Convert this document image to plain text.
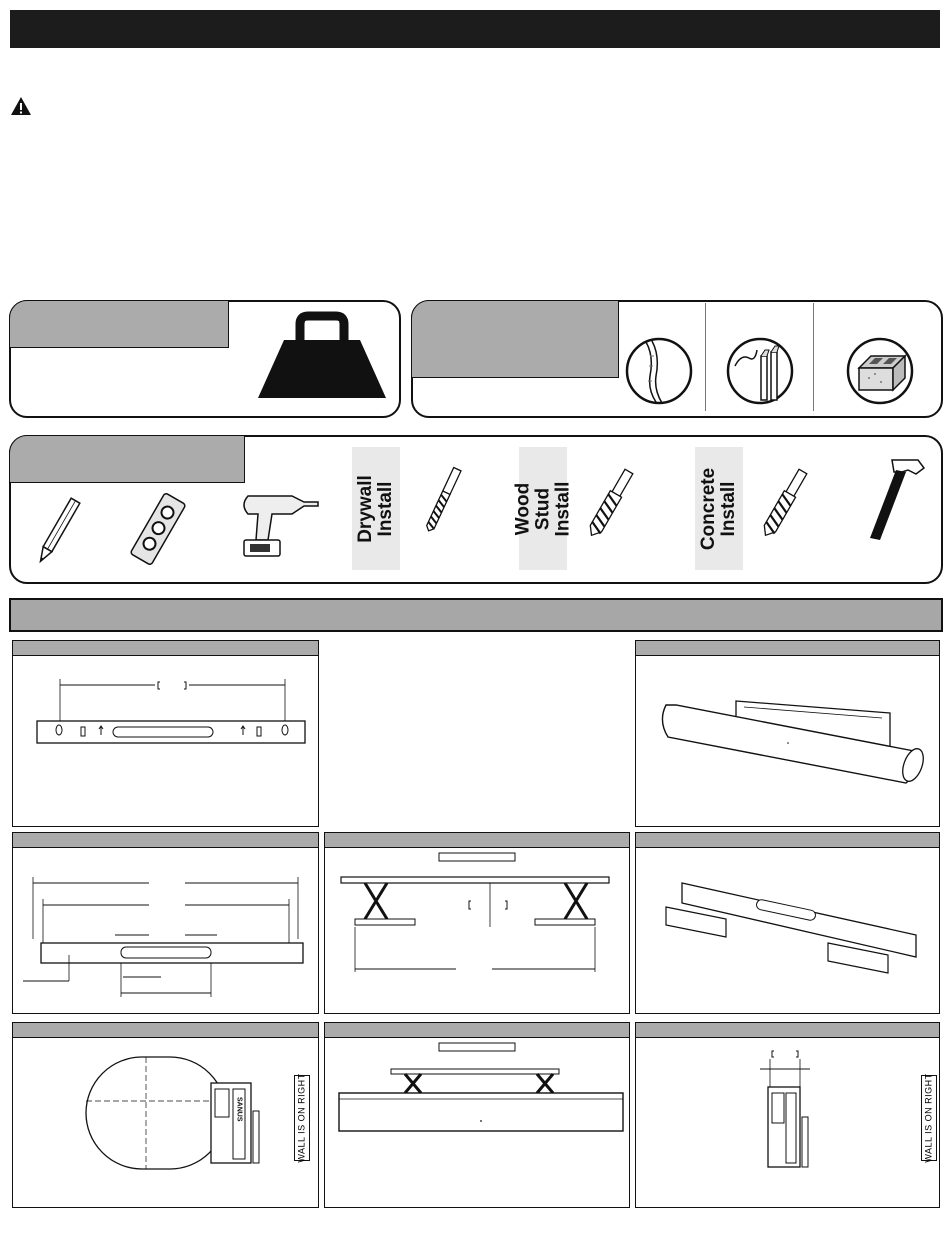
Drywall Install	Wood Stud Install	Concrete Install
SANUS	WALL IS ON RIGHT	WALL IS ON RIGHT
